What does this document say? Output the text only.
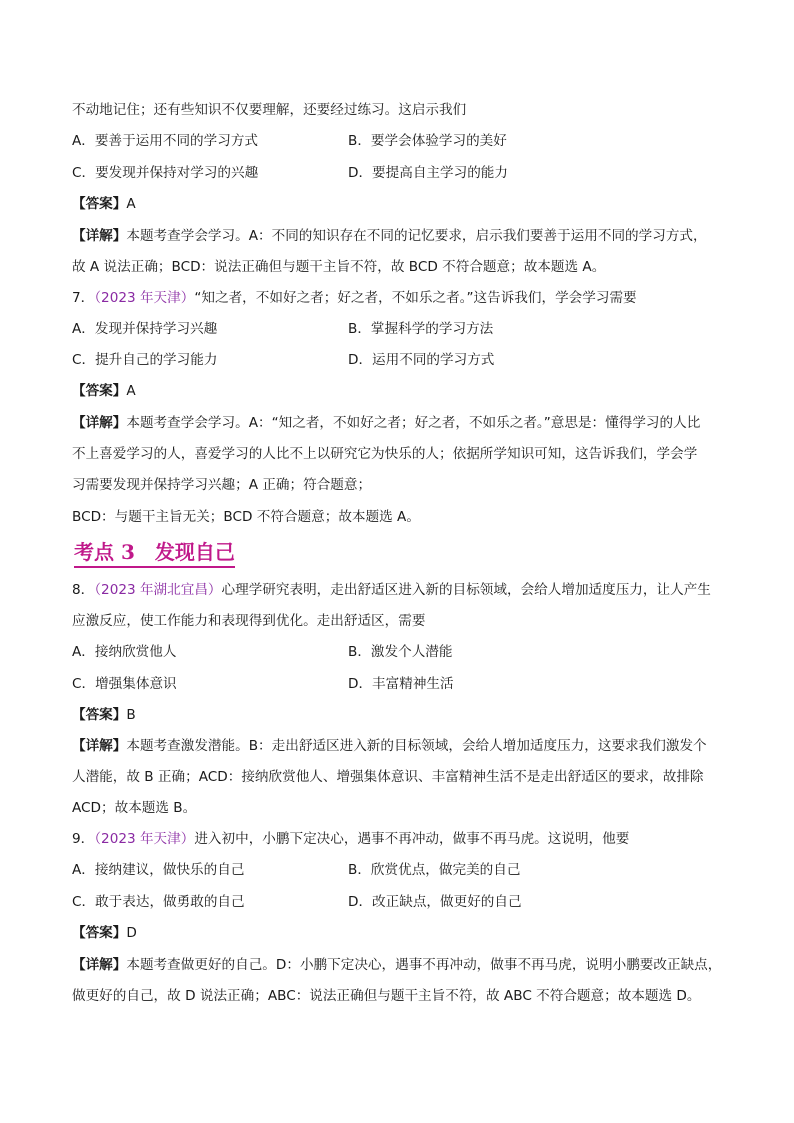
不动地记住；还有些知识不仅要理解，还要经过练习。这启示我们
A．要善于运用不同的学习方式	B．要学会体验学习的美好
C．要发现并保持对学习的兴趣	D．要提高自主学习的能力
【答案】A
【详解】本题考查学会学习。A：不同的知识存在不同的记忆要求，启示我们要善于运用不同的学习方式，
故 A 说法正确；BCD：说法正确但与题干主旨不符，故 BCD 不符合题意；故本题选 A。
7．（2023 年天津）“知之者，不如好之者；好之者，不如乐之者。”这告诉我们，学会学习需要
A．发现并保持学习兴趣	B．掌握科学的学习方法
C．提升自己的学习能力	D．运用不同的学习方式
【答案】A
【详解】本题考查学会学习。A：“知之者，不如好之者；好之者，不如乐之者。”意思是：懂得学习的人比
不上喜爱学习的人，喜爱学习的人比不上以研究它为快乐的人；依据所学知识可知，这告诉我们，学会学
习需要发现并保持学习兴趣；A 正确；符合题意；
BCD：与题干主旨无关；BCD 不符合题意；故本题选 A。
考点 3　发现自己
8．（2023 年湖北宜昌）心理学研究表明，走出舒适区进入新的目标领域，会给人增加适度压力，让人产生
应激反应，使工作能力和表现得到优化。走出舒适区，需要
A．接纳欣赏他人	B．激发个人潜能
C．增强集体意识	D．丰富精神生活
【答案】B
【详解】本题考查激发潜能。B：走出舒适区进入新的目标领域，会给人增加适度压力，这要求我们激发个
人潜能，故 B 正确；ACD：接纳欣赏他人、增强集体意识、丰富精神生活不是走出舒适区的要求，故排除
ACD；故本题选 B。
9．（2023 年天津）进入初中，小鹏下定决心，遇事不再冲动，做事不再马虎。这说明，他要
A．接纳建议，做快乐的自己	B．欣赏优点，做完美的自己
C．敢于表达，做勇敢的自己	D．改正缺点，做更好的自己
【答案】D
【详解】本题考查做更好的自己。D：小鹏下定决心，遇事不再冲动，做事不再马虎，说明小鹏要改正缺点，
做更好的自己，故 D 说法正确；ABC：说法正确但与题干主旨不符，故 ABC 不符合题意；故本题选 D。
